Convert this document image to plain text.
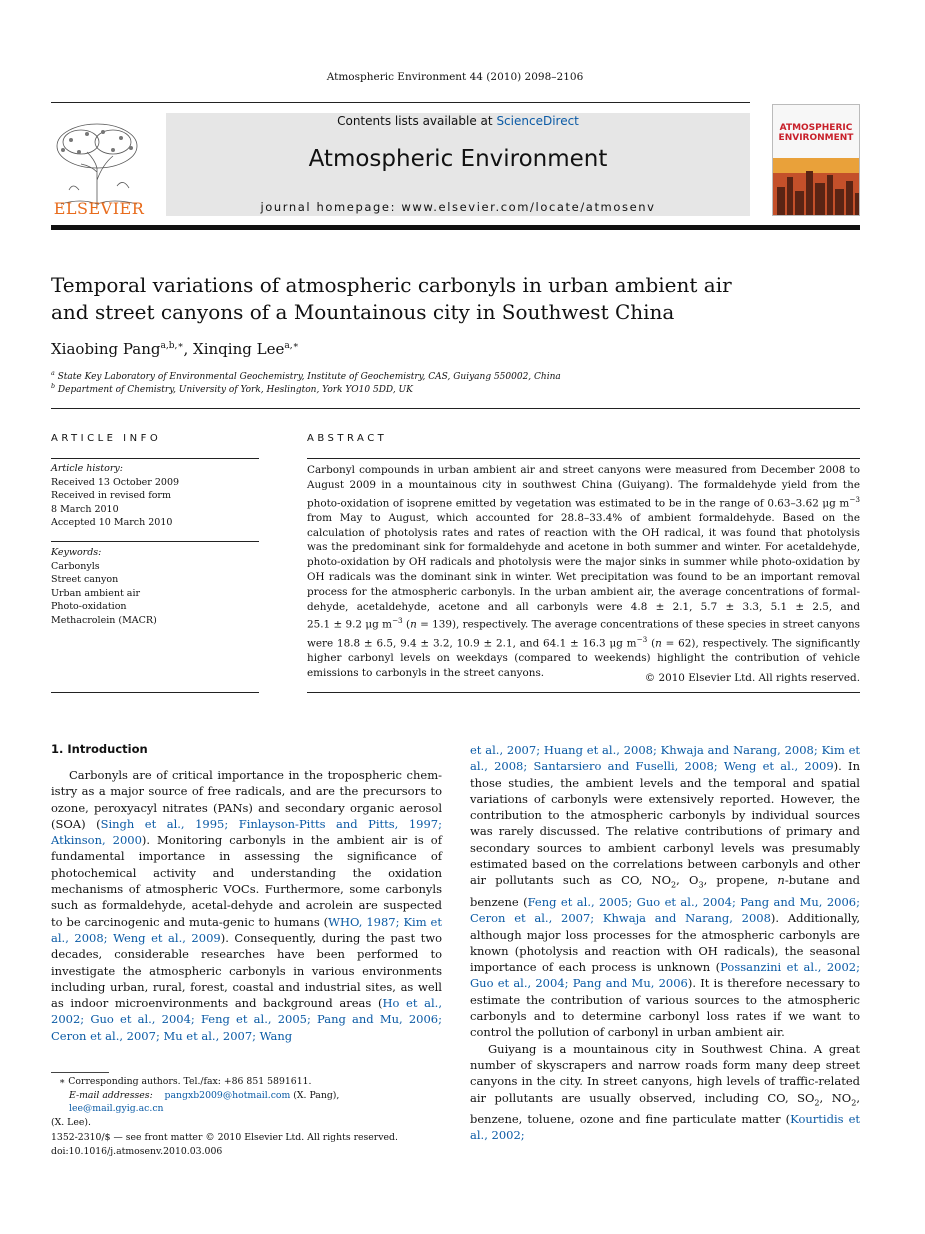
Atmospheric Environment 44 (2010) 2098–2106
ELSEVIER
Contents lists available at ScienceDirect
Atmospheric Environment
journal homepage: www.elsevier.com/locate/atmosenv
ATMOSPHERIC
ENVIRONMENT
Temporal variations of atmospheric carbonyls in urban ambient air
and street canyons of a Mountainous city in Southwest China
Xiaobing Pang$^{a,b,∗}$, Xinqing Lee$^{a,∗}$
$^a$ State Key Laboratory of Environmental Geochemistry, Institute of Geochemistry, CAS, Guiyang 550002, China
$^b$ Department of Chemistry, University of York, Heslington, York YO10 5DD, UK
ARTICLE INFO	ABSTRACT
Article history:
Received 13 October 2009
Received in revised form
8 March 2010
Accepted 10 March 2010
Keywords:
Carbonyls
Street canyon
Urban ambient air
Photo-oxidation
Methacrolein (MACR)
Carbonyl compounds in urban ambient air and street canyons were measured from December 2008 to August 2009 in a mountainous city in southwest China (Guiyang). The formaldehyde yield from the photo-oxidation of isoprene emitted by vegetation was estimated to be in the range of 0.63–3.62 μg $m^{-3}$ from May to August, which accounted for 28.8–33.4% of ambient formaldehyde. Based on the calculation of photolysis rates and rates of reaction with the OH radical, it was found that photolysis was the predominant sink for formaldehyde and acetone in both summer and winter. For acetaldehyde, photo-oxidation by OH radicals and photolysis were the major sinks in summer while photo-oxidation by OH radicals was the dominant sink in winter. Wet precipitation was found to be an important removal process for the atmospheric carbonyls. In the urban ambient air, the average concentrations of formal-dehyde, acetaldehyde, acetone and all carbonyls were 4.8 ± 2.1, 5.7 ± 3.3, 5.1 ± 2.5, and 25.1 ± 9.2 μg $m^{-3}$ (n = 139), respectively. The average concentrations of these species in street canyons were 18.8 ± 6.5, 9.4 ± 3.2, 10.9 ± 2.1, and 64.1 ± 16.3 μg $m^{-3}$ (n = 62), respectively. The significantly higher carbonyl levels on weekdays (compared to weekends) highlight the contribution of vehicle emissions to carbonyls in the street canyons.	© 2010 Elsevier Ltd. All rights reserved.
1. Introduction

Carbonyls are of critical importance in the tropospheric chem-istry as a major source of free radicals, and are the precursors to ozone, peroxyacyl nitrates (PANs) and secondary organic aerosol (SOA) (Singh et al., 1995; Finlayson-Pitts and Pitts, 1997; Atkinson, 2000). Monitoring carbonyls in the ambient air is of fundamental importance in assessing the significance of photochemical activity and understanding the oxidation mechanisms of atmospheric VOCs. Furthermore, some carbonyls such as formaldehyde, acetal-dehyde and acrolein are suspected to be carcinogenic and muta-genic to humans (WHO, 1987; Kim et al., 2008; Weng et al., 2009). Consequently, during the past two decades, considerable researches have been performed to investigate the atmospheric carbonyls in various environments including urban, rural, forest, coastal and industrial sites, as well as indoor microenvironments and background areas (Ho et al., 2002; Guo et al., 2004; Feng et al., 2005; Pang and Mu, 2006; Ceron et al., 2007; Mu et al., 2007; Wang

et al., 2007; Huang et al., 2008; Khwaja and Narang, 2008; Kim et al., 2008; Santarsiero and Fuselli, 2008; Weng et al., 2009). In those studies, the ambient levels and the temporal and spatial variations of carbonyls were extensively reported. However, the contribution to the atmospheric carbonyls by individual sources was rarely discussed. The relative contributions of primary and secondary sources to ambient carbonyl levels was presumably estimated based on the correlations between carbonyls and other air pollutants such as CO, $NO_2$, $O_3$, propene, n-butane and benzene (Feng et al., 2005; Guo et al., 2004; Pang and Mu, 2006; Ceron et al., 2007; Khwaja and Narang, 2008). Additionally, although major loss processes for the atmospheric carbonyls are known (photolysis and reaction with OH radicals), the seasonal importance of each process is unknown (Possanzini et al., 2002; Guo et al., 2004; Pang and Mu, 2006). It is therefore necessary to estimate the contribution of various sources to the atmospheric carbonyls and to determine carbonyl loss rates if we want to control the pollution of carbonyl in urban ambient air.

Guiyang is a mountainous city in Southwest China. A great number of skyscrapers and narrow roads form many deep street canyons in the city. In street canyons, high levels of traffic-related air pollutants are usually observed, including CO, $SO_2$, $NO_2$, benzene, toluene, ozone and fine particulate matter (Kourtidis et al., 2002;

∗ Corresponding authors. Tel./fax: +86 851 5891611.
E-mail addresses: pangxb2009@hotmail.com (X. Pang),   lee@mail.gyig.ac.cn
(X. Lee).
1352-2310/$ — see front matter © 2010 Elsevier Ltd. All rights reserved.
doi:10.1016/j.atmosenv.2010.03.006
